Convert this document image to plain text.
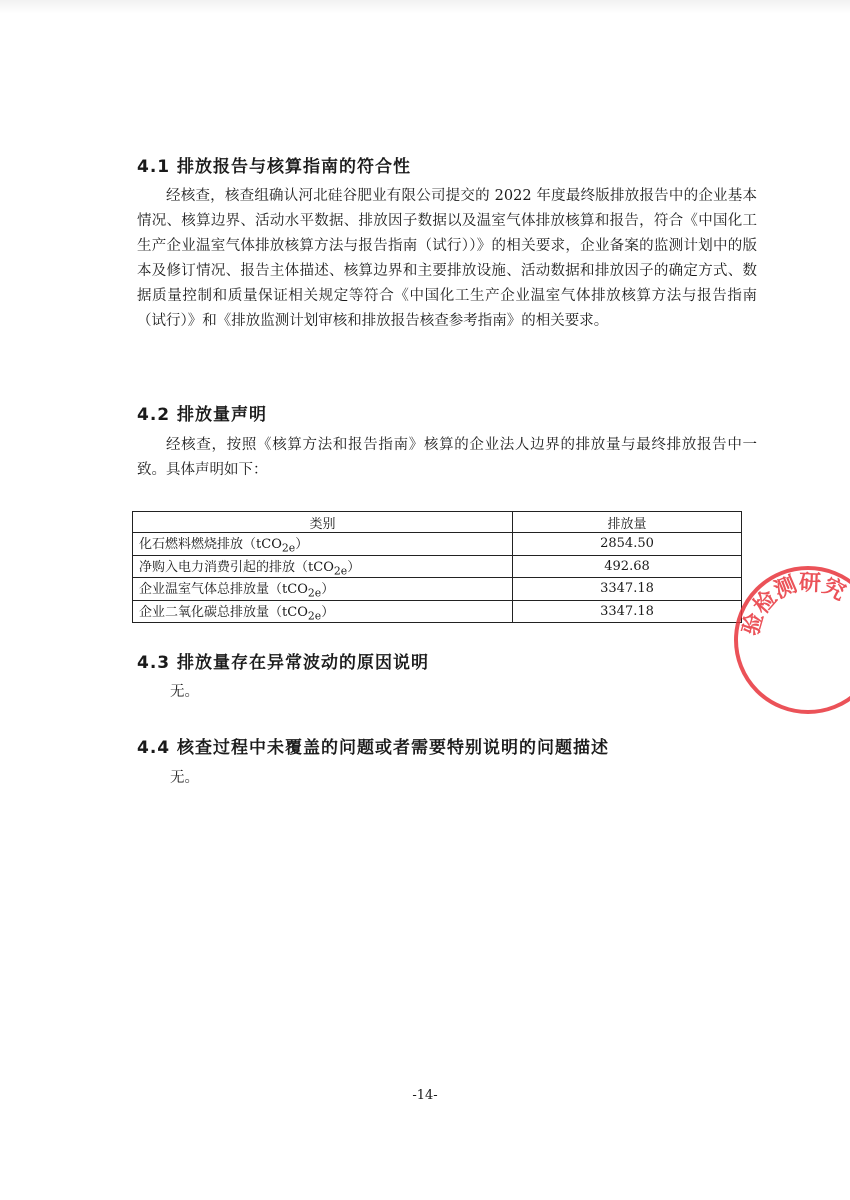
4.1 排放报告与核算指南的符合性

经核查，核查组确认河北硅谷肥业有限公司提交的 2022 年度最终版排放报告中的企业基本情况、核算边界、活动水平数据、排放因子数据以及温室气体排放核算和报告，符合《中国化工生产企业温室气体排放核算方法与报告指南（试行））》的相关要求，企业备案的监测计划中的版本及修订情况、报告主体描述、核算边界和主要排放设施、活动数据和排放因子的确定方式、数据质量控制和质量保证相关规定等符合《中国化工生产企业温室气体排放核算方法与报告指南（试行）》和《排放监测计划审核和排放报告核查参考指南》的相关要求。

4.2 排放量声明

经核查，按照《核算方法和报告指南》核算的企业法人边界的排放量与最终排放报告中一致。具体声明如下：

类别	排放量
化石燃料燃烧排放（tCO$_{2e}$）	2854.50
净购入电力消费引起的排放（tCO$_{2e}$）	492.68
企业温室气体总排放量（tCO$_{2e}$）	3347.18
企业二氧化碳总排放量（tCO$_{2e}$）	3347.18
4.3 排放量存在异常波动的原因说明
无。
4.4 核查过程中未覆盖的问题或者需要特别说明的问题描述
无。
验检测研究
-14-
